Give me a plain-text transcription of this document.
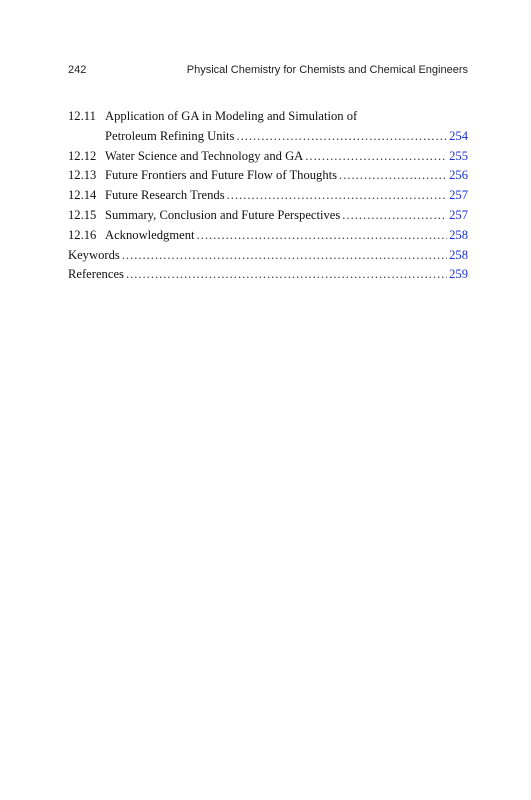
242	Physical Chemistry for Chemists and Chemical Engineers
12.11 Application of GA in Modeling and Simulation of
Petroleum Refining Units .....	254
12.12 Water Science and Technology and GA .....	255
12.13 Future Frontiers and Future Flow of Thoughts .....	256
12.14 Future Research Trends .....	257
12.15 Summary, Conclusion and Future Perspectives .....	257
12.16 Acknowledgment .....	258
Keywords .....	258
References .....	259
